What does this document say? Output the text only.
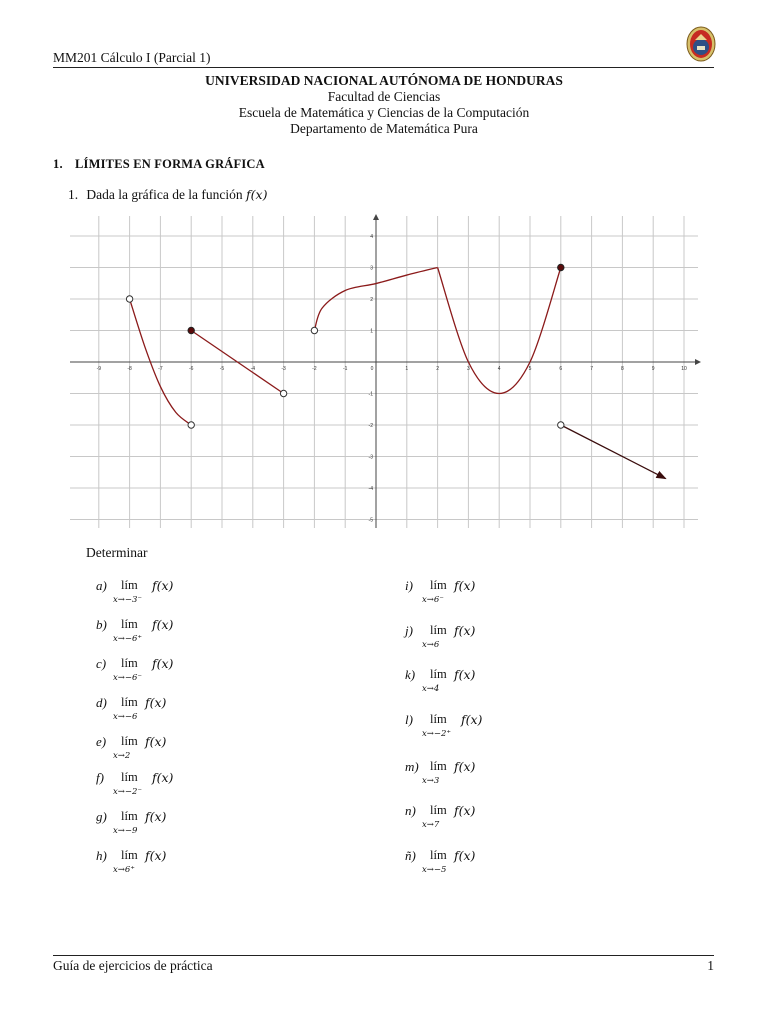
MM201 Cálculo I (Parcial 1)
UNIVERSIDAD NACIONAL AUTÓNOMA DE HONDURAS
Facultad de Ciencias
Escuela de Matemática y Ciencias de la Computación
Departamento de Matemática Pura
1. LÍMITES EN FORMA GRÁFICA
1. Dada la gráfica de la función f(x)
-9	-8	-7	-6	-5	-4	-3	-2	-1	0	1	2	3	4	5	6	7	8	9	10
-5
-4
-3
-2
-1
1
2
3
4
Determinar
a) lím
x→−3⁻
f(x)
b) lím
x→−6⁺
f(x)
c) lím
x→−6⁻
f(x)
d) lím
x→−6
f(x)
e) lím
x→2
f(x)
f) lím
x→−2⁻
f(x)
g) lím
x→−9
f(x)
h) lím
x→6⁺
f(x)
i) lím
x→6⁻
f(x)
j) lím
x→6
f(x)
k) lím
x→4
f(x)
l) lím
x→−2⁺
f(x)
m) lím
x→3
f(x)
n) lím
x→7
f(x)
ñ) lím
x→−5
f(x)
Guía de ejercicios de práctica	1
